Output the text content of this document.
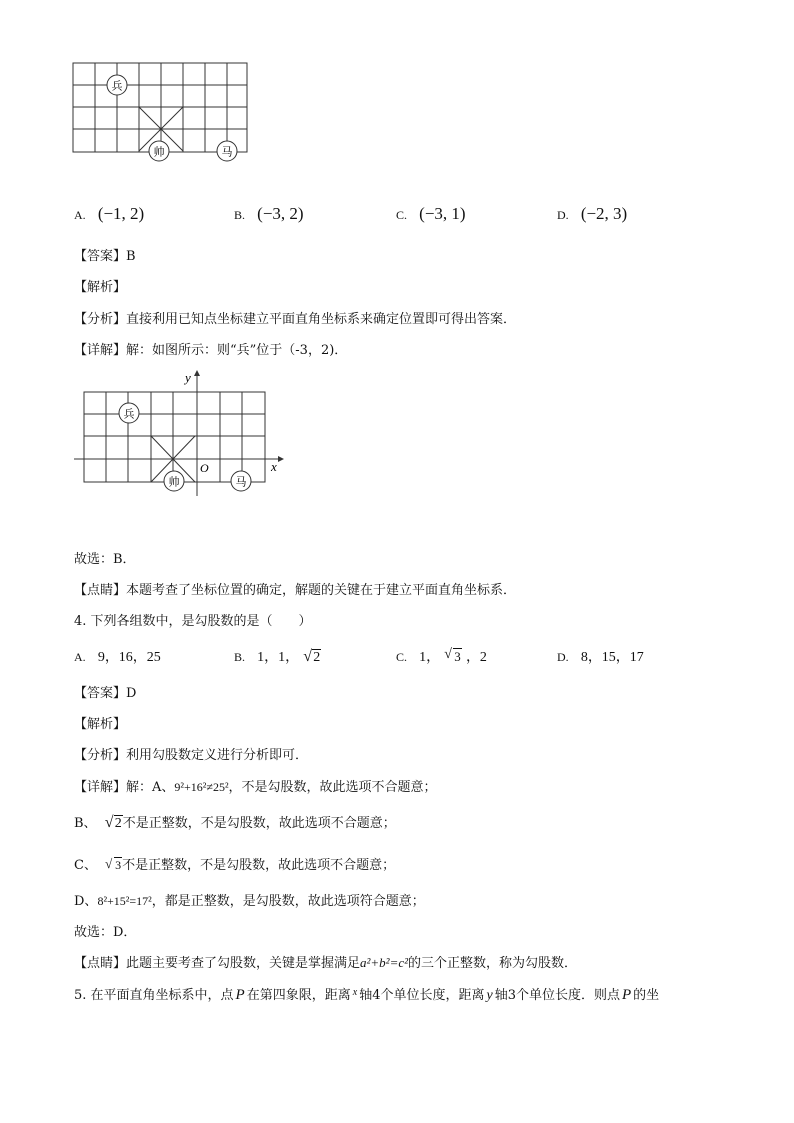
兵
帅	马
A. (−1, 2)	B. (−3, 2)	C. (−3, 1)	D. (−2, 3)
【答案】B
【解析】
【分析】直接利用已知点坐标建立平面直角坐标系来确定位置即可得出答案．
【详解】解：如图所示：则“兵”位于（-3，2)．
x
y
O
兵
帅	马
故选：B．
【点睛】本题考查了坐标位置的确定，解题的关键在于建立平面直角坐标系．
4. 下列各组数中，是勾股数的是（　　）
A. 9，16，25	B. 1，1， √ 2	C. 1， √ 3 ，2	D. 8，15，17
【答案】D
【解析】
【分析】利用勾股数定义进行分析即可．
【详解】解：A、9²+16²≠25²，不是勾股数，故此选项不合题意；
B、 √ 2不是正整数，不是勾股数，故此选项不合题意；
C、 √ 3不是正整数，不是勾股数，故此选项不合题意；
D、8²+15²=17²，都是正整数，是勾股数，故此选项符合题意；
故选：D．
【点睛】此题主要考查了勾股数，关键是掌握满足a²+b²=c²的三个正整数，称为勾股数．
5. 在平面直角坐标系中，点 P 在第四象限，距离 $^x$ 轴4个单位长度，距离 y 轴3个单位长度．则点 P 的坐
